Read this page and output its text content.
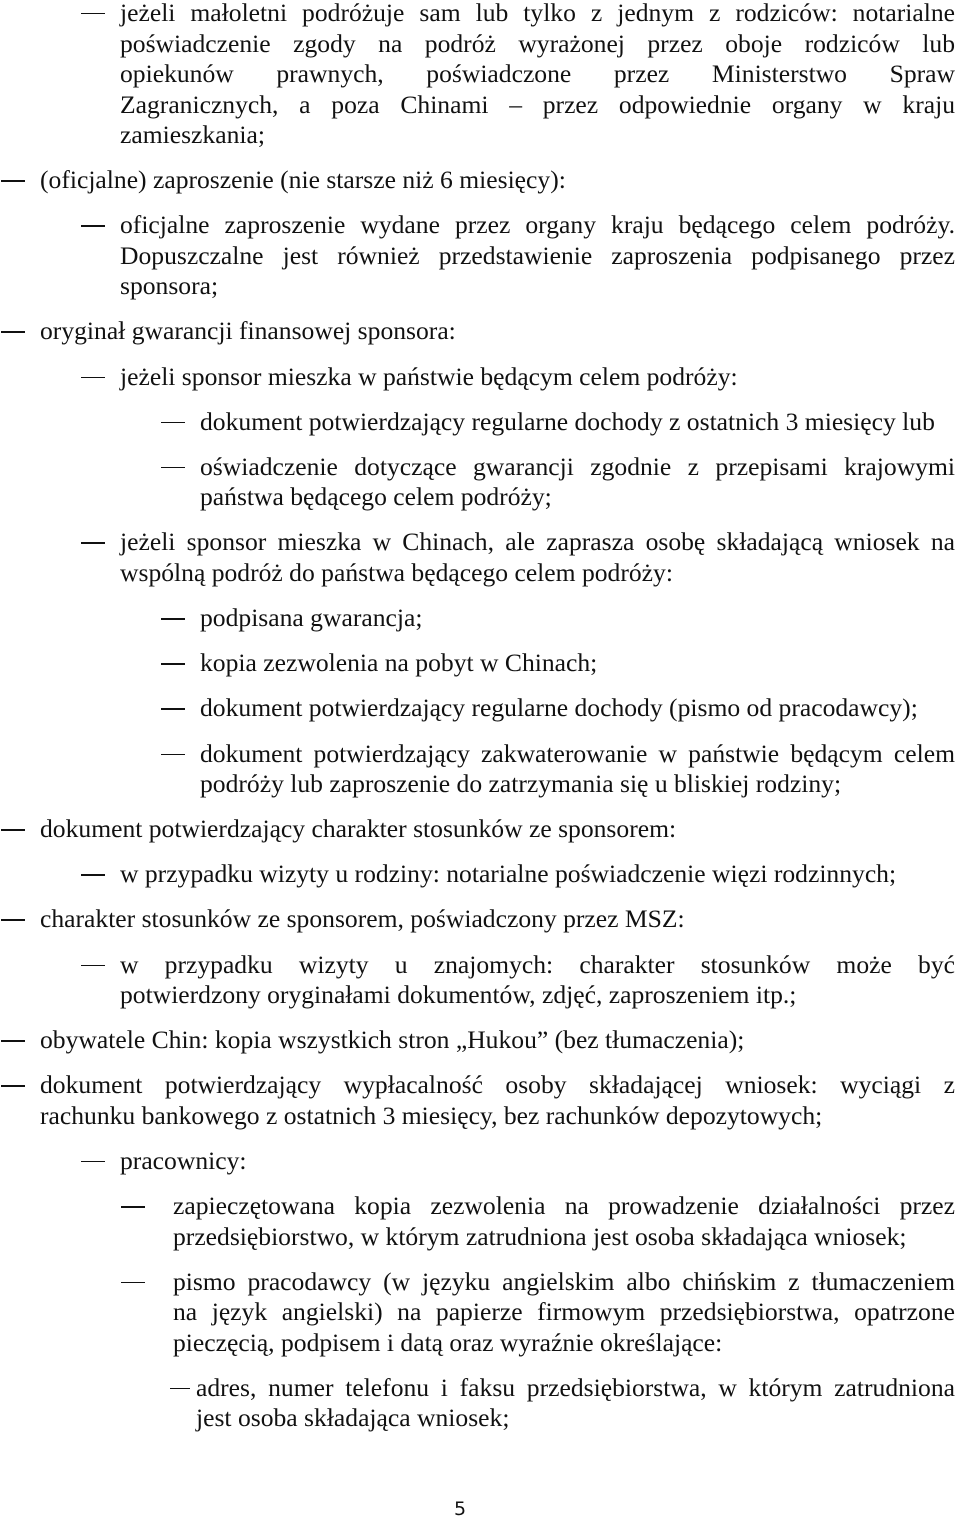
jeżeli małoletni podróżuje sam lub tylko z jednym z rodziców: notarialne
poświadczenie zgody na podróż wyrażonej przez oboje rodziców lub
opiekunów prawnych, poświadczone przez Ministerstwo Spraw
Zagranicznych, a poza Chinami – przez odpowiednie organy w kraju
zamieszkania;
(oficjalne) zaproszenie (nie starsze niż 6 miesięcy):
oficjalne zaproszenie wydane przez organy kraju będącego celem podróży.
Dopuszczalne jest również przedstawienie zaproszenia podpisanego przez
sponsora;
oryginał gwarancji finansowej sponsora:
jeżeli sponsor mieszka w państwie będącym celem podróży:
dokument potwierdzający regularne dochody z ostatnich 3 miesięcy lub
oświadczenie dotyczące gwarancji zgodnie z przepisami krajowymi
państwa będącego celem podróży;
jeżeli sponsor mieszka w Chinach, ale zaprasza osobę składającą wniosek na
wspólną podróż do państwa będącego celem podróży:
podpisana gwarancja;
kopia zezwolenia na pobyt w Chinach;
dokument potwierdzający regularne dochody (pismo od pracodawcy);
dokument potwierdzający zakwaterowanie w państwie będącym celem
podróży lub zaproszenie do zatrzymania się u bliskiej rodziny;
dokument potwierdzający charakter stosunków ze sponsorem:
w przypadku wizyty u rodziny: notarialne poświadczenie więzi rodzinnych;
charakter stosunków ze sponsorem, poświadczony przez MSZ:
w przypadku wizyty u znajomych: charakter stosunków może być
potwierdzony oryginałami dokumentów, zdjęć, zaproszeniem itp.;
obywatele Chin: kopia wszystkich stron „Hukou” (bez tłumaczenia);
dokument potwierdzający wypłacalność osoby składającej wniosek: wyciągi z
rachunku bankowego z ostatnich 3 miesięcy, bez rachunków depozytowych;
pracownicy:
zapieczętowana kopia zezwolenia na prowadzenie działalności przez
przedsiębiorstwo, w którym zatrudniona jest osoba składająca wniosek;
pismo pracodawcy (w języku angielskim albo chińskim z tłumaczeniem
na język angielski) na papierze firmowym przedsiębiorstwa, opatrzone
pieczęcią, podpisem i datą oraz wyraźnie określające:
adres, numer telefonu i faksu przedsiębiorstwa, w którym zatrudniona
jest osoba składająca wniosek;
5
